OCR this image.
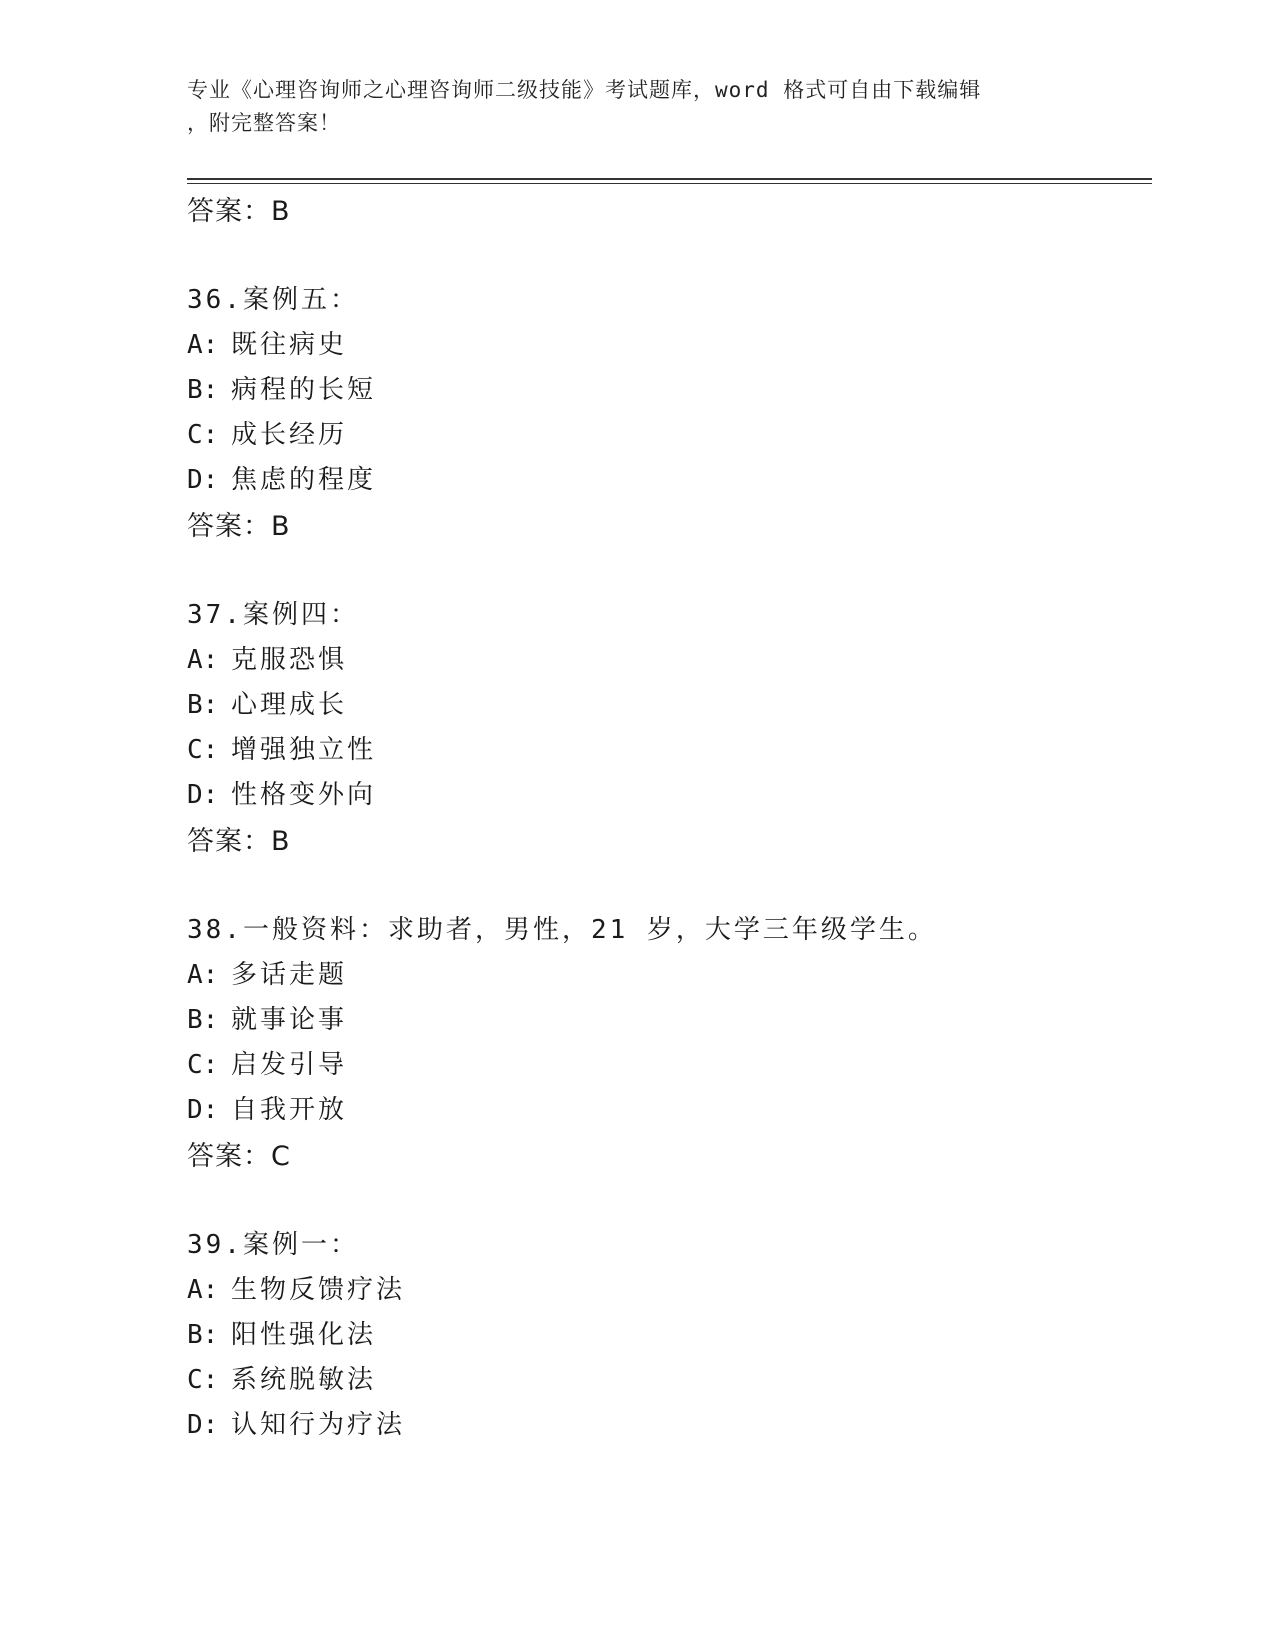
专业《心理咨询师之心理咨询师二级技能》考试题库，word 格式可自由下载编辑
，附完整答案！
答案：B
36.案例五：
A: 既往病史
B: 病程的长短
C: 成长经历
D: 焦虑的程度
答案：B
37.案例四：
A: 克服恐惧
B: 心理成长
C: 增强独立性
D: 性格变外向
答案：B
38.一般资料：求助者，男性，21 岁，大学三年级学生。
A: 多话走题
B: 就事论事
C: 启发引导
D: 自我开放
答案：C
39.案例一：
A: 生物反馈疗法
B: 阳性强化法
C: 系统脱敏法
D: 认知行为疗法
